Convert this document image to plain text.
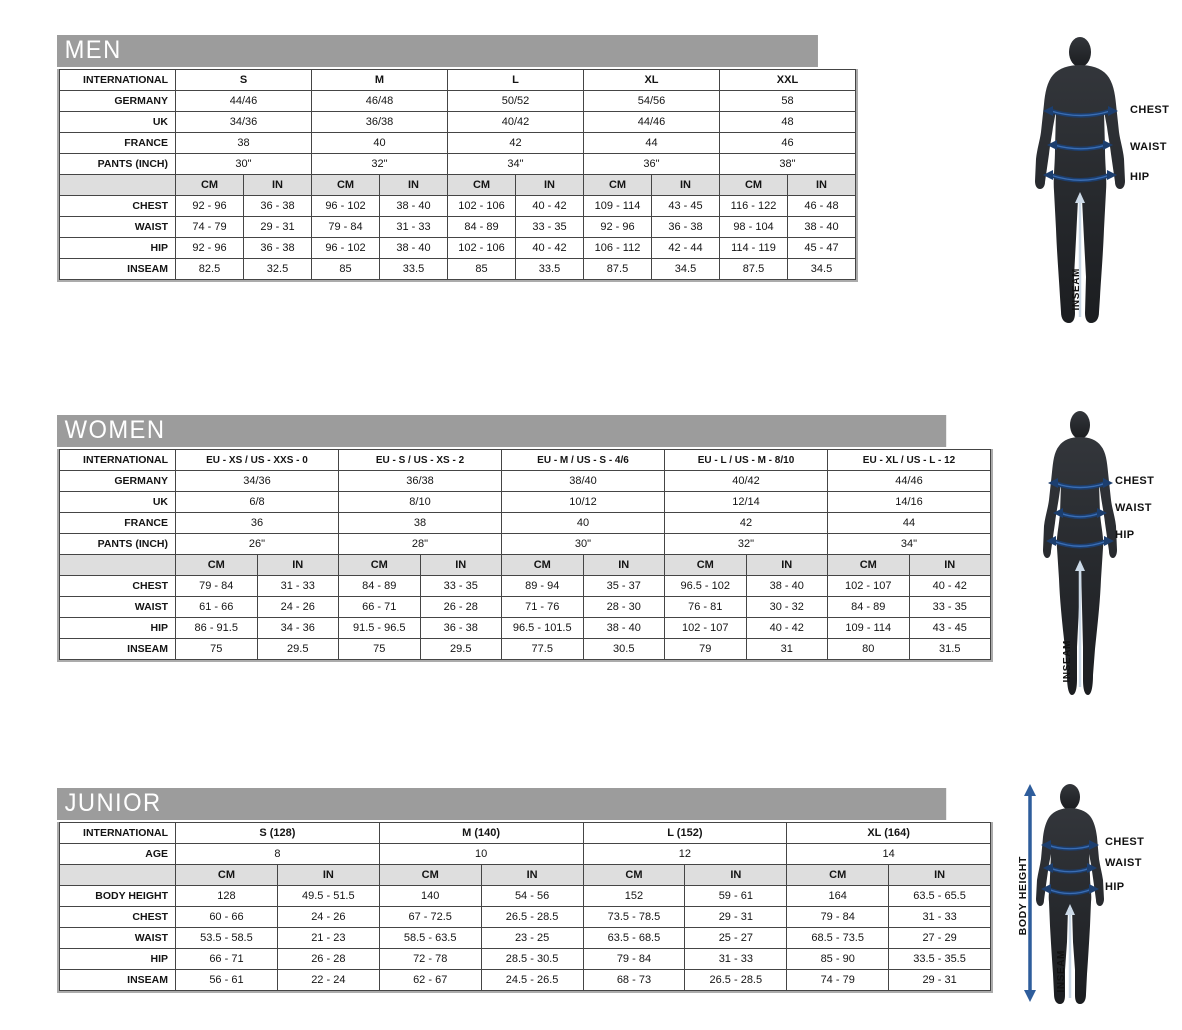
MEN
INTERNATIONAL	S		M		L		XL		XXL	
GERMANY	44/46		46/48		50/52		54/56		58	
UK	34/36		36/38		40/42		44/46		48	
FRANCE	38		40		42		44		46	
PANTS (INCH)	30"		32"		34"		36"		38"	
	CM	IN	CM	IN	CM	IN	CM	IN	CM	IN
CHEST	92 - 96	36 - 38	96 - 102	38 - 40	102 - 106	40 - 42	109 - 114	43 - 45	116 - 122	46 - 48
WAIST	74 - 79	29 - 31	79 - 84	31 - 33	84 - 89	33 - 35	92 - 96	36 - 38	98 - 104	38 - 40
HIP	92 - 96	36 - 38	96 - 102	38 - 40	102 - 106	40 - 42	106 - 112	42 - 44	114 - 119	45 - 47
INSEAM	82.5	32.5	85	33.5	85	33.5	87.5	34.5	87.5	34.5
WOMEN
INTERNATIONAL	EU - XS / US - XXS - 0		EU - S / US - XS - 2		EU - M / US - S - 4/6		EU - L / US - M - 8/10		EU - XL / US - L - 12	
GERMANY	34/36		36/38		38/40		40/42		44/46	
UK	6/8		8/10		10/12		12/14		14/16	
FRANCE	36		38		40		42		44	
PANTS (INCH)	26"		28"		30"		32"		34"	
	CM	IN	CM	IN	CM	IN	CM	IN	CM	IN
CHEST	79 - 84	31 - 33	84 - 89	33 - 35	89 - 94	35 - 37	96.5 - 102	38 - 40	102 - 107	40 - 42
WAIST	61 - 66	24 - 26	66 - 71	26 - 28	71 - 76	28 - 30	76 - 81	30 - 32	84 - 89	33 - 35
HIP	86 - 91.5	34 - 36	91.5 - 96.5	36 - 38	96.5 - 101.5	38 - 40	102 - 107	40 - 42	109 - 114	43 - 45
INSEAM	75	29.5	75	29.5	77.5	30.5	79	31	80	31.5
JUNIOR
INTERNATIONAL	S (128)		M (140)		L (152)		XL (164)	
AGE	8		10		12		14	
	CM	IN	CM	IN	CM	IN	CM	IN
BODY HEIGHT	128	49.5 - 51.5	140	54 - 56	152	59 - 61	164	63.5 - 65.5
CHEST	60 - 66	24 - 26	67 - 72.5	26.5 - 28.5	73.5 - 78.5	29 - 31	79 - 84	31 - 33
WAIST	53.5 - 58.5	21 - 23	58.5 - 63.5	23 - 25	63.5 - 68.5	25 - 27	68.5 - 73.5	27 - 29
HIP	66 - 71	26 - 28	72 - 78	28.5 - 30.5	79 - 84	31 - 33	85 - 90	33.5 - 35.5
INSEAM	56 - 61	22 - 24	62 - 67	24.5 - 26.5	68 - 73	26.5 - 28.5	74 - 79	29 - 31
CHEST
WAIST
HIP
INSEAM
CHEST
WAIST
HIP
INSEAM
CHEST
WAIST
HIP
BODY HEIGHT
INSEAM
